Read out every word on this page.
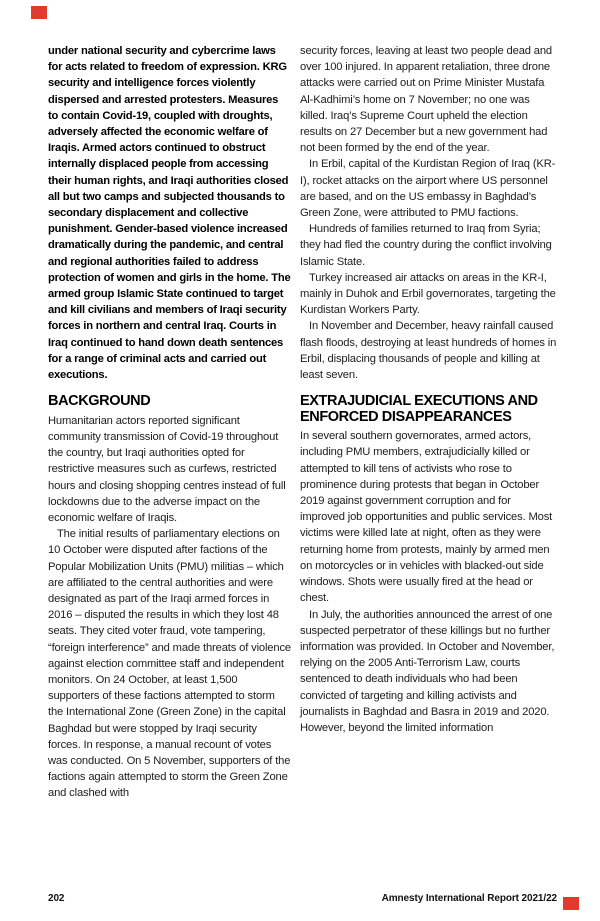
under national security and cybercrime laws for acts related to freedom of expression. KRG security and intelligence forces violently dispersed and arrested protesters. Measures to contain Covid-19, coupled with droughts, adversely affected the economic welfare of Iraqis. Armed actors continued to obstruct internally displaced people from accessing their human rights, and Iraqi authorities closed all but two camps and subjected thousands to secondary displacement and collective punishment. Gender-based violence increased dramatically during the pandemic, and central and regional authorities failed to address protection of women and girls in the home. The armed group Islamic State continued to target and kill civilians and members of Iraqi security forces in northern and central Iraq. Courts in Iraq continued to hand down death sentences for a range of criminal acts and carried out executions.

BACKGROUND

Humanitarian actors reported significant community transmission of Covid-19 throughout the country, but Iraqi authorities opted for restrictive measures such as curfews, restricted hours and closing shopping centres instead of full lockdowns due to the adverse impact on the economic welfare of Iraqis.

The initial results of parliamentary elections on 10 October were disputed after factions of the Popular Mobilization Units (PMU) militias – which are affiliated to the central authorities and were designated as part of the Iraqi armed forces in 2016 – disputed the results in which they lost 48 seats. They cited voter fraud, vote tampering, “foreign interference” and made threats of violence against election committee staff and independent monitors. On 24 October, at least 1,500 supporters of these factions attempted to storm the International Zone (Green Zone) in the capital Baghdad but were stopped by Iraqi security forces. In response, a manual recount of votes was conducted. On 5 November, supporters of the factions again attempted to storm the Green Zone and clashed with

security forces, leaving at least two people dead and over 100 injured. In apparent retaliation, three drone attacks were carried out on Prime Minister Mustafa Al-Kadhimi’s home on 7 November; no one was killed. Iraq’s Supreme Court upheld the election results on 27 December but a new government had not been formed by the end of the year.

In Erbil, capital of the Kurdistan Region of Iraq (KR-I), rocket attacks on the airport where US personnel are based, and on the US embassy in Baghdad’s Green Zone, were attributed to PMU factions.

Hundreds of families returned to Iraq from Syria; they had fled the country during the conflict involving Islamic State.

Turkey increased air attacks on areas in the KR-I, mainly in Duhok and Erbil governorates, targeting the Kurdistan Workers Party.

In November and December, heavy rainfall caused flash floods, destroying at least hundreds of homes in Erbil, displacing thousands of people and killing at least seven.

EXTRAJUDICIAL EXECUTIONS AND ENFORCED DISAPPEARANCES

In several southern governorates, armed actors, including PMU members, extrajudicially killed or attempted to kill tens of activists who rose to prominence during protests that began in October 2019 against government corruption and for improved job opportunities and public services. Most victims were killed late at night, often as they were returning home from protests, mainly by armed men on motorcycles or in vehicles with blacked-out side windows. Shots were usually fired at the head or chest.

In July, the authorities announced the arrest of one suspected perpetrator of these killings but no further information was provided. In October and November, relying on the 2005 Anti-Terrorism Law, courts sentenced to death individuals who had been convicted of targeting and killing activists and journalists in Baghdad and Basra in 2019 and 2020. However, beyond the limited information

202	Amnesty International Report 2021/22
